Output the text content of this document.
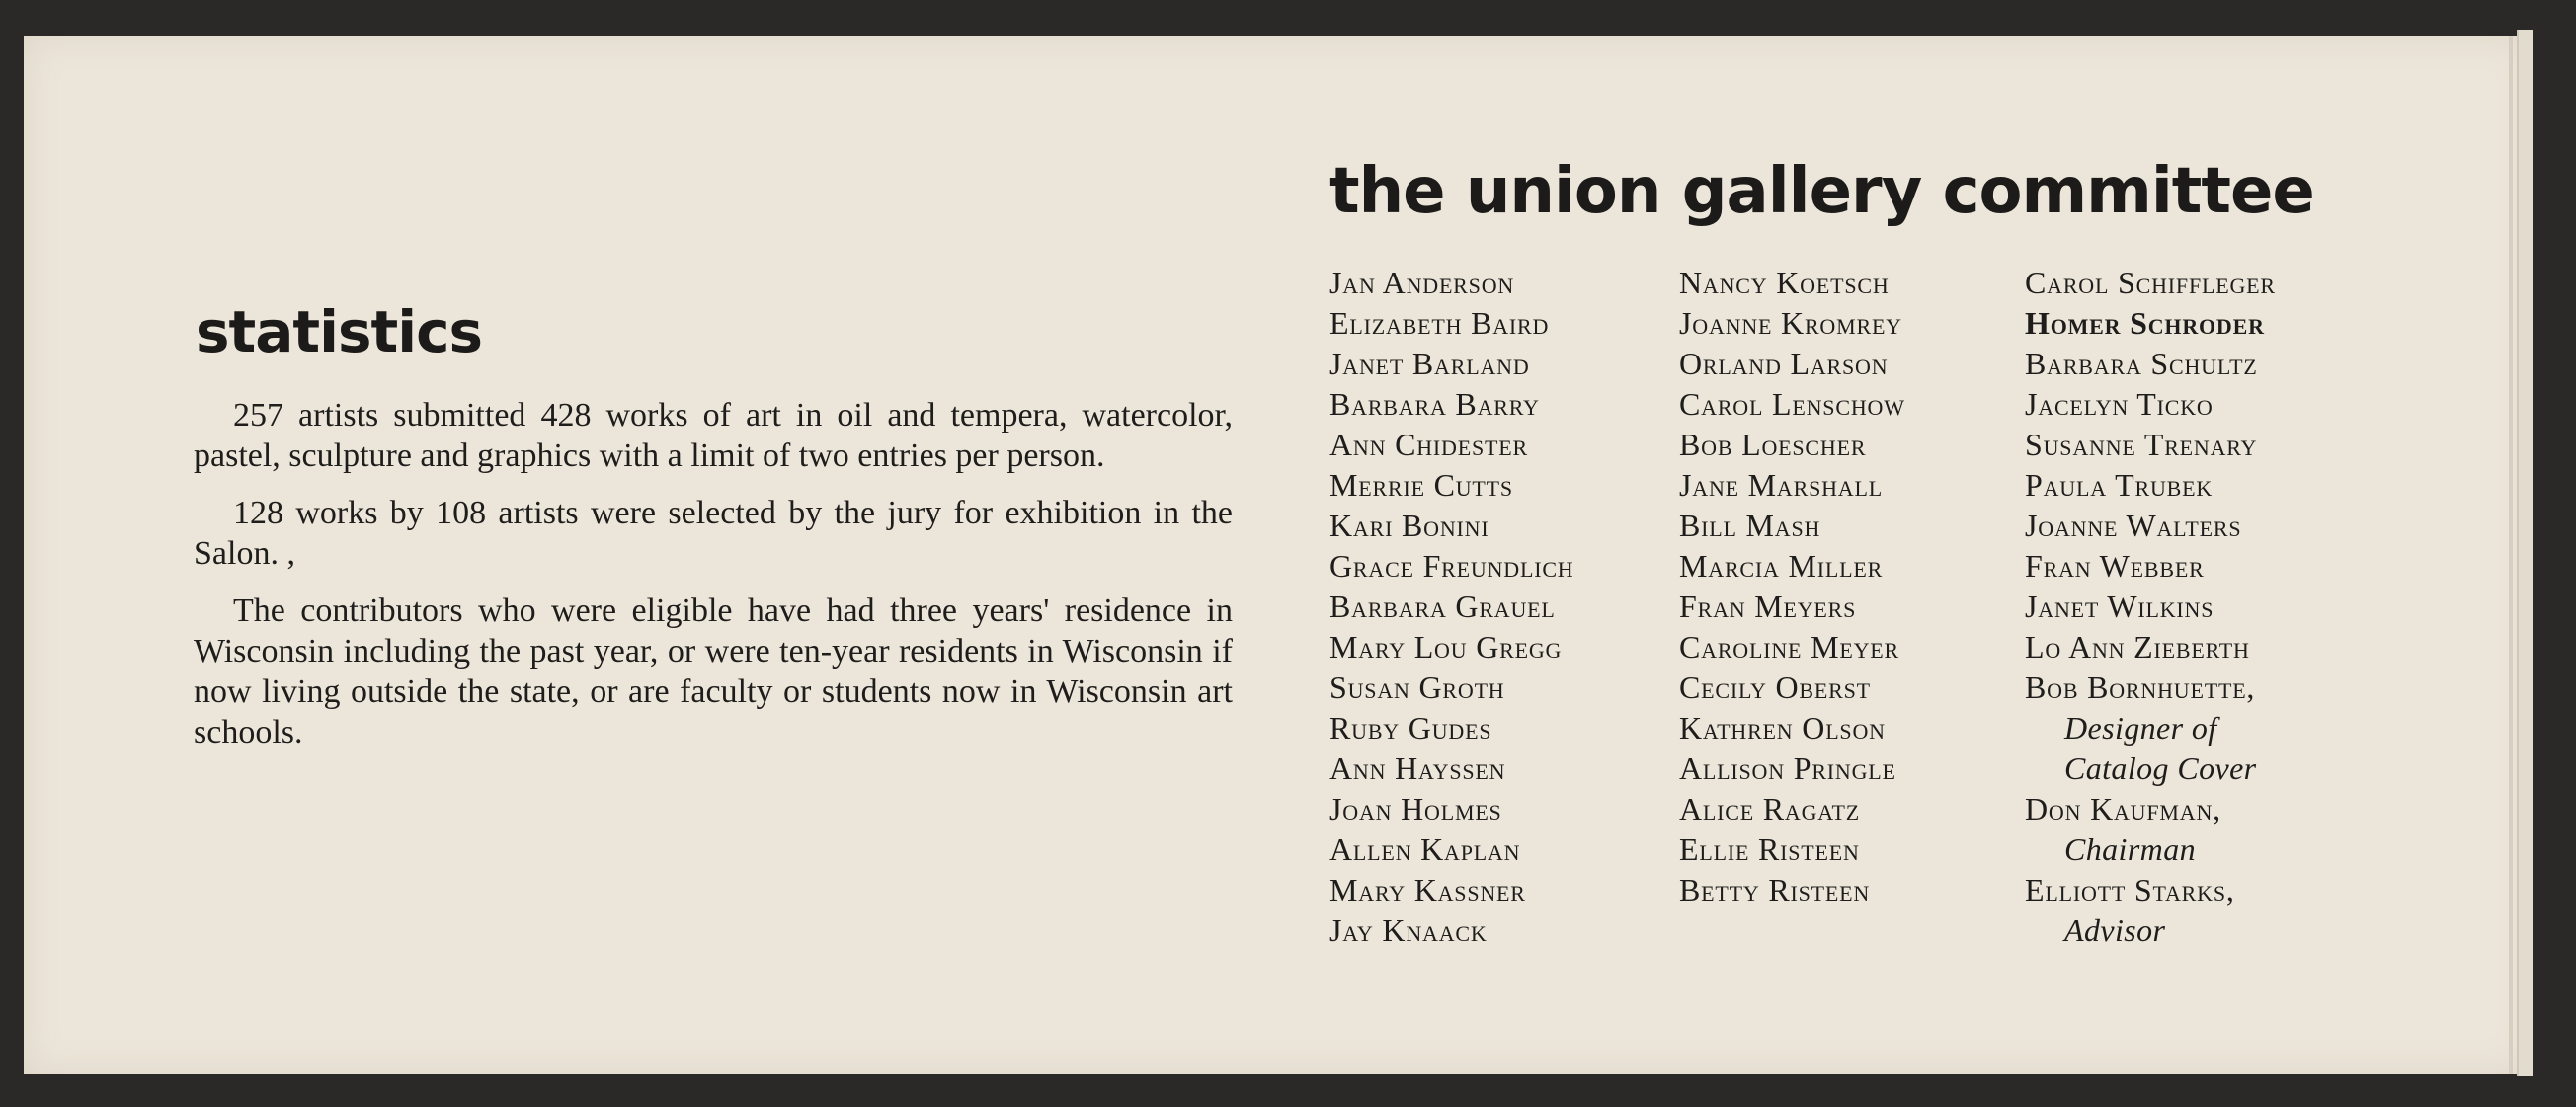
statistics

257 artists submitted 428 works of art in oil and tempera, watercolor, pastel, sculpture and graphics with a limit of two entries per person.

128 works by 108 artists were selected by the jury for exhibition in the Salon. ,

The contributors who were eligible have had three years' residence in Wisconsin including the past year, or were ten-year residents in Wisconsin if now living outside the state, or are faculty or students now in Wisconsin art schools.

the union gallery committee
Jan Anderson
Elizabeth Baird
Janet Barland
Barbara Barry
Ann Chidester
Merrie Cutts
Kari Bonini
Grace Freundlich
Barbara Grauel
Mary Lou Gregg
Susan Groth
Ruby Gudes
Ann Hayssen
Joan Holmes
Allen Kaplan
Mary Kassner
Jay Knaack
Nancy Koetsch
Joanne Kromrey
Orland Larson
Carol Lenschow
Bob Loescher
Jane Marshall
Bill Mash
Marcia Miller
Fran Meyers
Caroline Meyer
Cecily Oberst
Kathren Olson
Allison Pringle
Alice Ragatz
Ellie Risteen
Betty Risteen
Carol Schiffleger
Homer Schroder
Barbara Schultz
Jacelyn Ticko
Susanne Trenary
Paula Trubek
Joanne Walters
Fran Webber
Janet Wilkins
Lo Ann Zieberth
Bob Bornhuette,
Designer of
Catalog Cover
Don Kaufman,
Chairman
Elliott Starks,
Advisor
